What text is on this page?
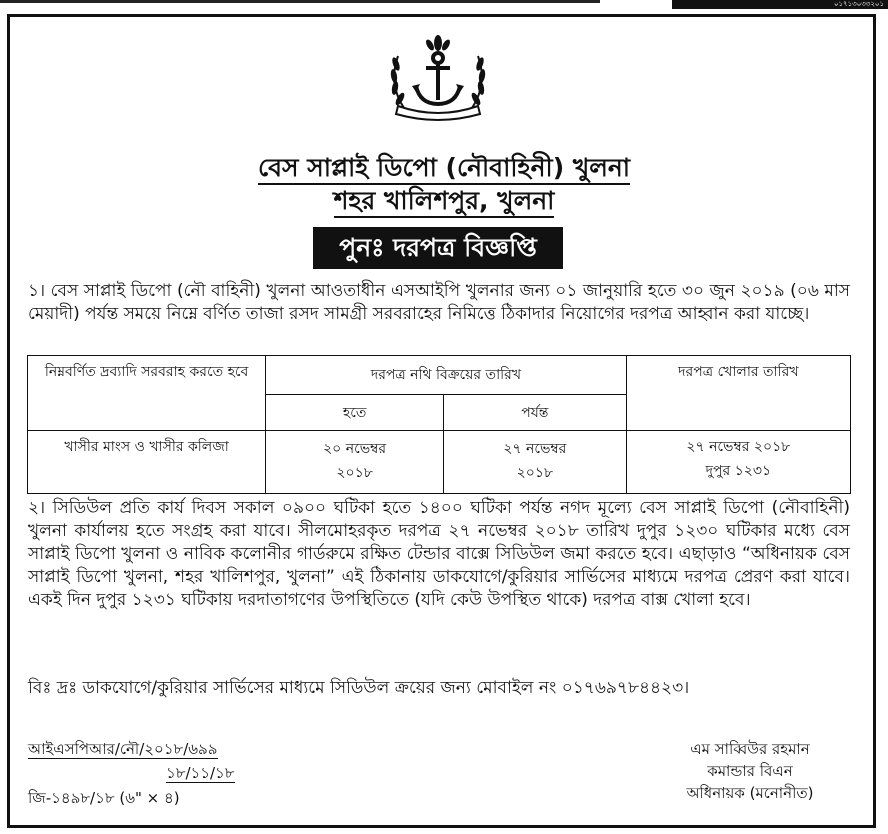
০১৭১৩০৩৩২০১
বেস সাপ্লাই ডিপো (নৌবাহিনী) খুলনা
শহর খালিশপুর, খুলনা
পুনঃ দরপত্র বিজ্ঞপ্তি
১। বেস সাপ্লাই ডিপো (নৌ বাহিনী) খুলনা আওতাধীন এসআইপি খুলনার জন্য ০১ জানুয়ারি হতে ৩০ জুন ২০১৯ (০৬ মাস মেয়াদী) পর্যন্ত সময়ে নিম্নে বর্ণিত তাজা রসদ সামগ্রী সরবরাহের নিমিত্তে ঠিকাদার নিয়োগের দরপত্র আহ্বান করা যাচ্ছে।
নিম্নবর্ণিত দ্রব্যাদি সরবরাহ করতে হবে	দরপত্র নথি বিক্রয়ের তারিখ		দরপত্র খোলার তারিখ
	হতে	পর্যন্ত	
খাসীর মাংস ও খাসীর কলিজা	২০ নভেম্বর ২০১৮	২৭ নভেম্বর ২০১৮	২৭ নভেম্বর ২০১৮
দুপুর ১২৩১
২। সিডিউল প্রতি কার্য দিবস সকাল ০৯০০ ঘটিকা হতে ১৪০০ ঘটিকা পর্যন্ত নগদ মূল্যে বেস সাপ্লাই ডিপো (নৌবাহিনী) খুলনা কার্যালয় হতে সংগ্রহ করা যাবে। সীলমোহরকৃত দরপত্র ২৭ নভেম্বর ২০১৮ তারিখ দুপুর ১২৩০ ঘটিকার মধ্যে বেস সাপ্লাই ডিপো খুলনা ও নাবিক কলোনীর গার্ডরুমে রক্ষিত টেন্ডার বাক্সে সিডিউল জমা করতে হবে। এছাড়াও “অধিনায়ক বেস সাপ্লাই ডিপো খুলনা, শহর খালিশপুর, খুলনা” এই ঠিকানায় ডাকযোগে/কুরিয়ার সার্ভিসের মাধ্যমে দরপত্র প্রেরণ করা যাবে। একই দিন দুপুর ১২৩১ ঘটিকায় দরদাতাগণের উপস্থিতিতে (যদি কেউ উপস্থিত থাকে) দরপত্র বাক্স খোলা হবে।
বিঃ দ্রঃ ডাকযোগে/কুরিয়ার সার্ভিসের মাধ্যমে সিডিউল ক্রয়ের জন্য মোবাইল নং ০১৭৬৯৭৮৪৪২৩।
আইএসপিআর/নৌ/২০১৮/৬৯৯
১৮/১১/১৮
জি-১৪৯৮/১৮ (৬" × ৪)
এম সাব্বিউর রহমান
কমান্ডার বিএন
অধিনায়ক (মনোনীত)
